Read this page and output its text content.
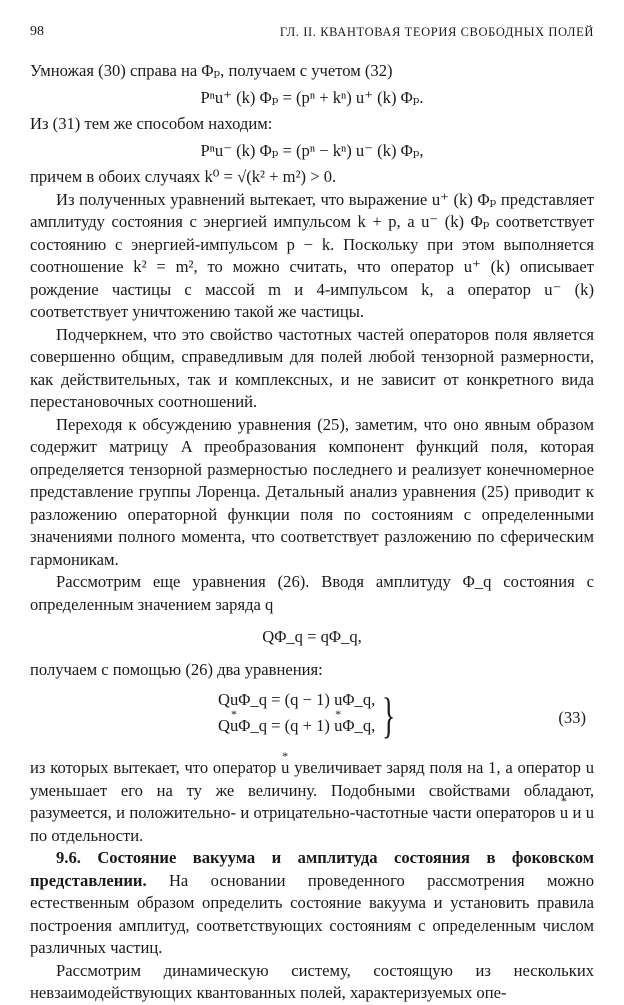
98	ГЛ. II. КВАНТОВАЯ ТЕОРИЯ СВОБОДНЫХ ПОЛЕЙ

Умножая (30) справа на Φₚ, получаем с учетом (32)

Pⁿu⁺ (k) Φₚ = (pⁿ + kⁿ) u⁺ (k) Φₚ.

Из (31) тем же способом находим:

Pⁿu⁻ (k) Φₚ = (pⁿ − kⁿ) u⁻ (k) Φₚ,

причем в обоих случаях k⁰ = √(k² + m²) > 0.

Из полученных уравнений вытекает, что выражение u⁺ (k) Φₚ представляет амплитуду состояния с энергией импульсом k + p, а u⁻ (k) Φₚ соответствует состоянию с энергией-импульсом p − k. Поскольку при этом выполняется соотношение k² = m², то можно считать, что оператор u⁺ (k) описывает рождение частицы с массой m и 4-импульсом k, а оператор u⁻ (k) соответствует уничтожению такой же частицы.

Подчеркнем, что это свойство частотных частей операторов поля является совершенно общим, справедливым для полей любой тензорной размерности, как действительных, так и комплексных, и не зависит от конкретного вида перестановочных соотношений.

Переходя к обсуждению уравнения (25), заметим, что оно явным образом содержит матрицу A преобразования компонент функций поля, которая определяется тензорной размерностью последнего и реализует конечномерное представление группы Лоренца. Детальный анализ уравнения (25) приводит к разложению операторной функции поля по состояниям с определенными значениями полного момента, что соответствует разложению по сферическим гармоникам.

Рассмотрим еще уравнения (26). Вводя амплитуду Φ_q состояния с определенным значением заряда q

QΦ_q = qΦ_q,

получаем с помощью (26) два уравнения:

QuΦ_q = (q − 1) uΦ_q,
Q* uΦ_q = (q + 1) * uΦ_q, }	(33)

из которых вытекает, что оператор * u увеличивает заряд поля на 1, а оператор u уменьшает его на ту же величину. Подобными свойствами обладают, разумеется, и положительно- и отрицательно-частотные части операторов * u и u по отдельности.

9.6. Состояние вакуума и амплитуда состояния в фоковском представлении. На основании проведенного рассмотрения можно естественным образом определить состояние вакуума и установить правила построения амплитуд, соответствующих состояниям с определенным числом различных частиц.

Рассмотрим динамическую систему, состоящую из нескольких невзаимодействующих квантованных полей, характеризуемых опе-
